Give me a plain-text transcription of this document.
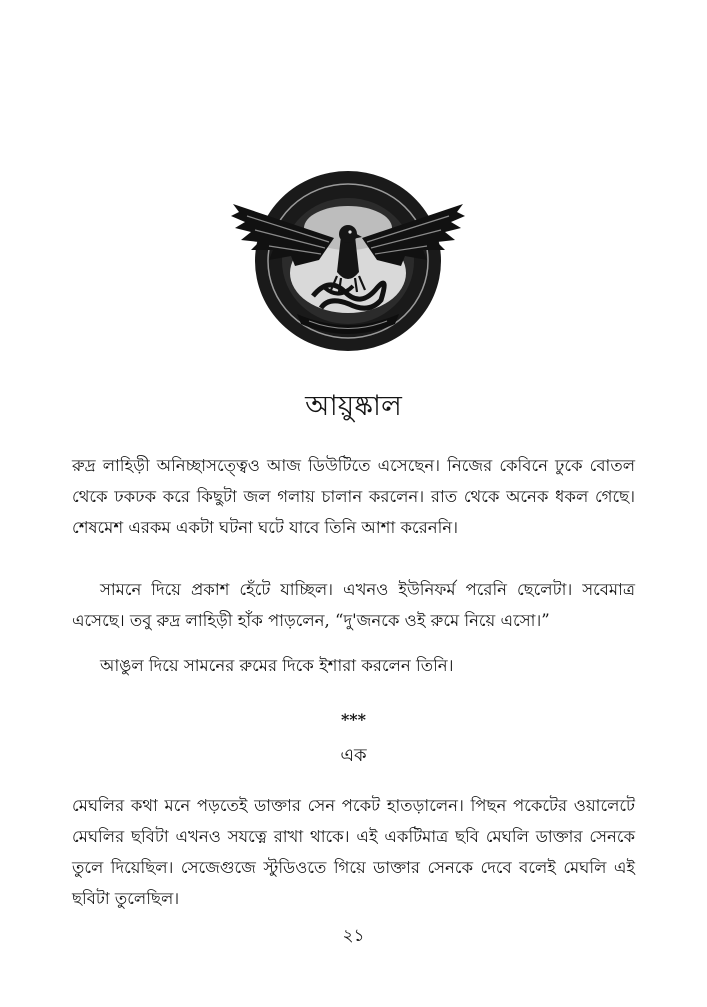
আয়ুষ্কাল

রুদ্র লাহিড়ী অনিচ্ছাসত্ত্বেও আজ ডিউটিতে এসেছেন। নিজের কেবিনে ঢুকে বোতল থেকে ঢকঢক করে কিছুটা জল গলায় চালান করলেন। রাত থেকে অনেক ধকল গেছে। শেষমেশ এরকম একটা ঘটনা ঘটে যাবে তিনি আশা করেননি।

সামনে দিয়ে প্রকাশ হেঁটে যাচ্ছিল। এখনও ইউনিফর্ম পরেনি ছেলেটা। সবেমাত্র এসেছে। তবু রুদ্র লাহিড়ী হাঁক পাড়লেন, “দু'জনকে ওই রুমে নিয়ে এসো।”

আঙুল দিয়ে সামনের রুমের দিকে ইশারা করলেন তিনি।

***
এক

মেঘলির কথা মনে পড়তেই ডাক্তার সেন পকেট হাতড়ালেন। পিছন পকেটের ওয়ালেটে মেঘলির ছবিটা এখনও সযত্নে রাখা থাকে। এই একটিমাত্র ছবি মেঘলি ডাক্তার সেনকে তুলে দিয়েছিল। সেজেগুজে স্টুডিওতে গিয়ে ডাক্তার সেনকে দেবে বলেই মেঘলি এই ছবিটা তুলেছিল।

২১
